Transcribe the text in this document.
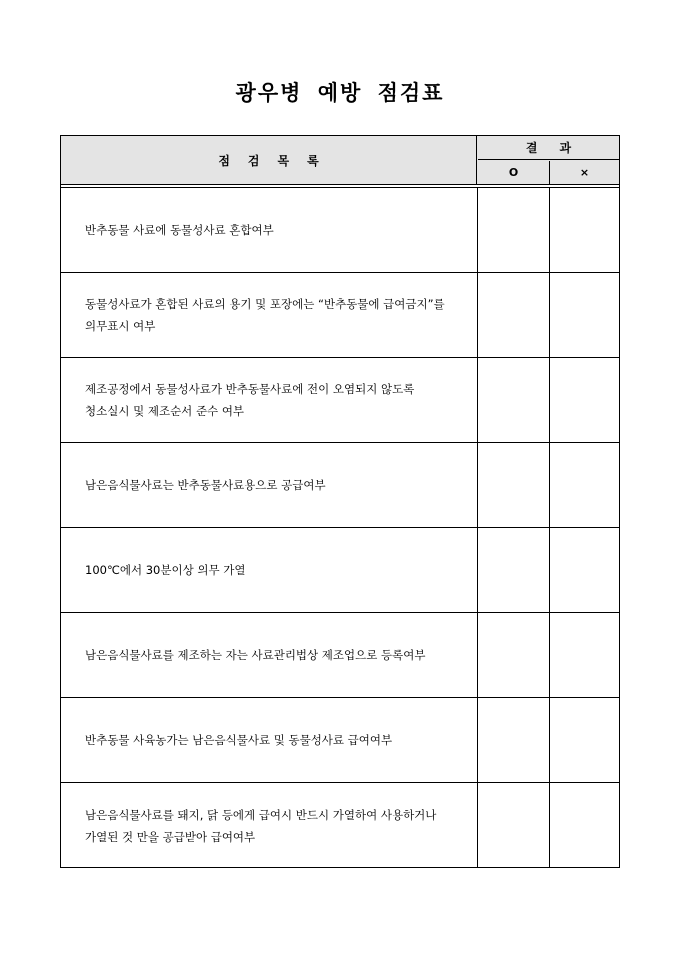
광우병 예방 점검표
점검목록
결과
O	×
반추동물 사료에 동물성사료 혼합여부
동물성사료가 혼합된 사료의 용기 및 포장에는 “반추동물에 급여금지”를 의무표시 여부
제조공정에서 동물성사료가 반추동물사료에 전이 오염되지 않도록 청소실시 및 제조순서 준수 여부
남은음식물사료는 반추동물사료용으로 공급여부
100℃에서 30분이상 의무 가열
남은음식물사료를 제조하는 자는 사료관리법상 제조업으로 등록여부
반추동물 사육농가는 남은음식물사료 및 동물성사료 급여여부
남은음식물사료를 돼지, 닭 등에게 급여시 반드시 가열하여 사용하거나 가열된 것 만을 공급받아 급여여부
